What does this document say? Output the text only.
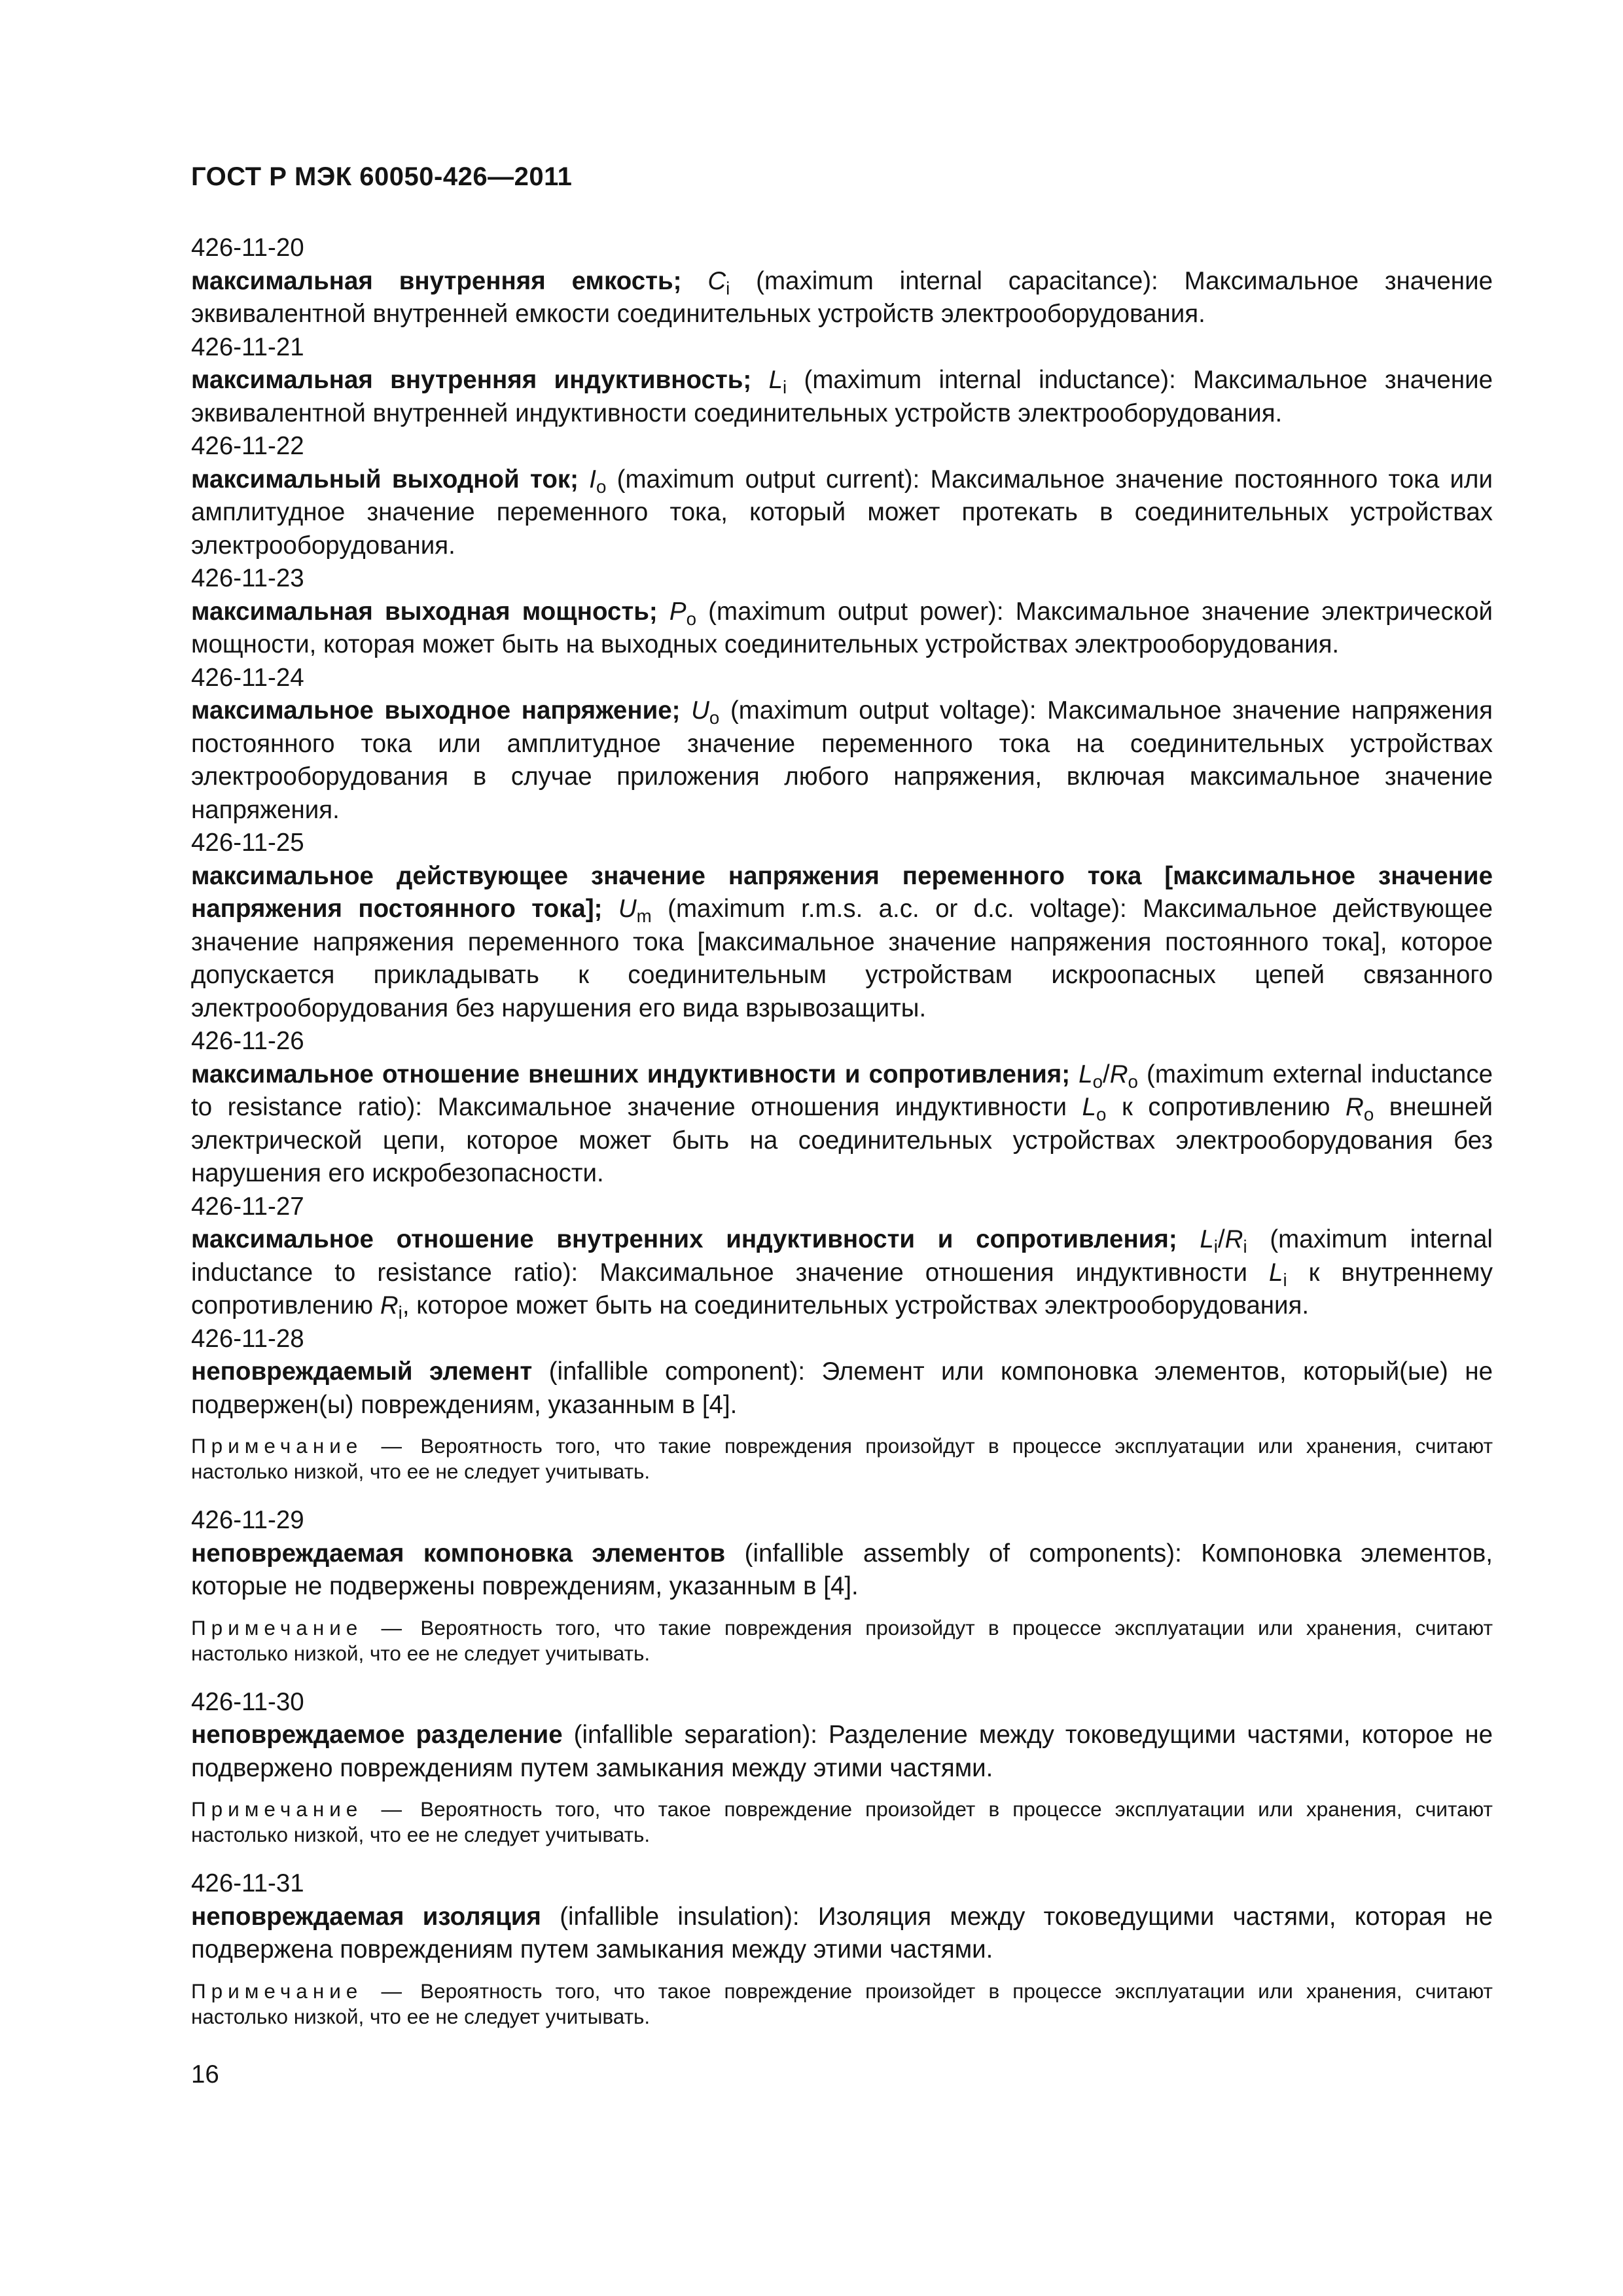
ГОСТ Р МЭК 60050-426—2011

426-11-20

максимальная внутренняя емкость; $C_i$ (maximum internal capacitance): Максимальное значение эквивалентной внутренней емкости соединительных устройств электрооборудования.

426-11-21

максимальная внутренняя индуктивность; $L_i$ (maximum internal inductance): Максимальное значение эквивалентной внутренней индуктивности соединительных устройств электрооборудования.

426-11-22

максимальный выходной ток; $I_o$ (maximum output current): Максимальное значение постоянного тока или амплитудное значение переменного тока, который может протекать в соединительных устройствах электрооборудования.

426-11-23

максимальная выходная мощность; $P_o$ (maximum output power): Максимальное значение электрической мощности, которая может быть на выходных соединительных устройствах электрооборудования.

426-11-24

максимальное выходное напряжение; $U_o$ (maximum output voltage): Максимальное значение напряжения постоянного тока или амплитудное значение переменного тока на соединительных устройствах электрооборудования в случае приложения любого напряжения, включая максимальное значение напряжения.

426-11-25

максимальное действующее значение напряжения переменного тока [максимальное значение напряжения постоянного тока]; $U_m$ (maximum r.m.s. a.c. or d.c. voltage): Максимальное действующее значение напряжения переменного тока [максимальное значение напряжения постоянного тока], которое допускается прикладывать к соединительным устройствам искроопасных цепей связанного электрооборудования без нарушения его вида взрывозащиты.

426-11-26

максимальное отношение внешних индуктивности и сопротивления; $L_o/R_o$ (maximum external inductance to resistance ratio): Максимальное значение отношения индуктивности $L_o$ к сопротивлению $R_o$ внешней электрической цепи, которое может быть на соединительных устройствах электрооборудования без нарушения его искробезопасности.

426-11-27

максимальное отношение внутренних индуктивности и сопротивления; $L_i/R_i$ (maximum internal inductance to resistance ratio): Максимальное значение отношения индуктивности $L_i$ к внутреннему сопротивлению $R_i$, которое может быть на соединительных устройствах электрооборудования.

426-11-28

неповреждаемый элемент (infallible component): Элемент или компоновка элементов, который(ые) не подвержен(ы) повреждениям, указанным в [4].

Примечание — Вероятность того, что такие повреждения произойдут в процессе эксплуатации или хранения, считают настолько низкой, что ее не следует учитывать.

426-11-29

неповреждаемая компоновка элементов (infallible assembly of components): Компоновка элементов, которые не подвержены повреждениям, указанным в [4].

Примечание — Вероятность того, что такие повреждения произойдут в процессе эксплуатации или хранения, считают настолько низкой, что ее не следует учитывать.

426-11-30

неповреждаемое разделение (infallible separation): Разделение между токоведущими частями, которое не подвержено повреждениям путем замыкания между этими частями.

Примечание — Вероятность того, что такое повреждение произойдет в процессе эксплуатации или хранения, считают настолько низкой, что ее не следует учитывать.

426-11-31

неповреждаемая изоляция (infallible insulation): Изоляция между токоведущими частями, которая не подвержена повреждениям путем замыкания между этими частями.

Примечание — Вероятность того, что такое повреждение произойдет в процессе эксплуатации или хранения, считают настолько низкой, что ее не следует учитывать.

16
